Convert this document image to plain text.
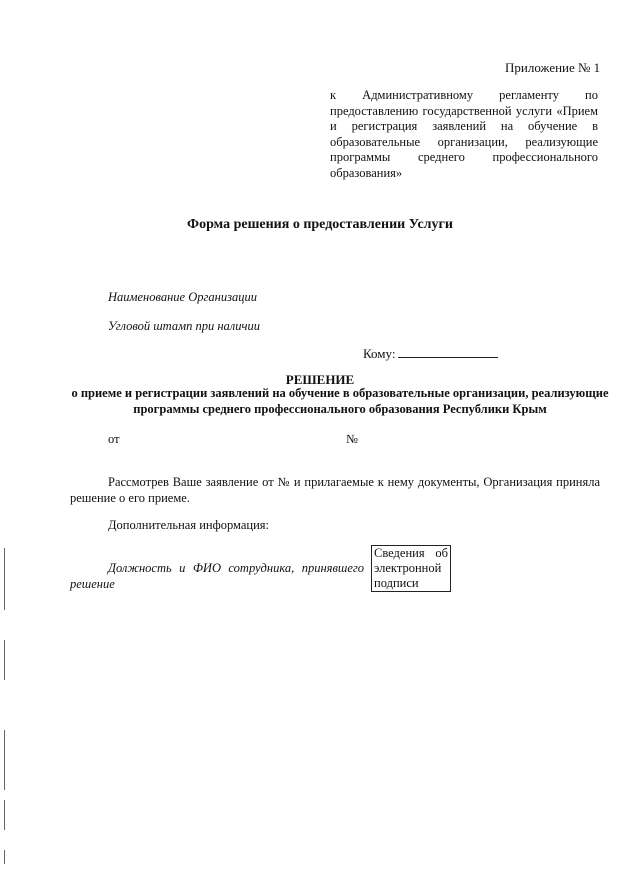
Приложение № 1
к Административному регламенту по предоставлению государственной услуги «Прием и регистрация заявлений на обучение в образовательные организации, реализующие программы среднего профессионального образования»
Форма решения о предоставлении Услуги
Наименование Организации
Угловой штамп при наличии
Кому:
РЕШЕНИЕ
о приеме и регистрации заявлений на обучение в образовательные организации, реализующие программы среднего профессионального образования Республики Крым
от	№
Рассмотрев Ваше заявление от № и прилагаемые к нему документы, Организация приняла решение о его приеме.
Дополнительная информация:
Должность и ФИО сотрудника, принявшего решение
Сведения об электронной подписи
